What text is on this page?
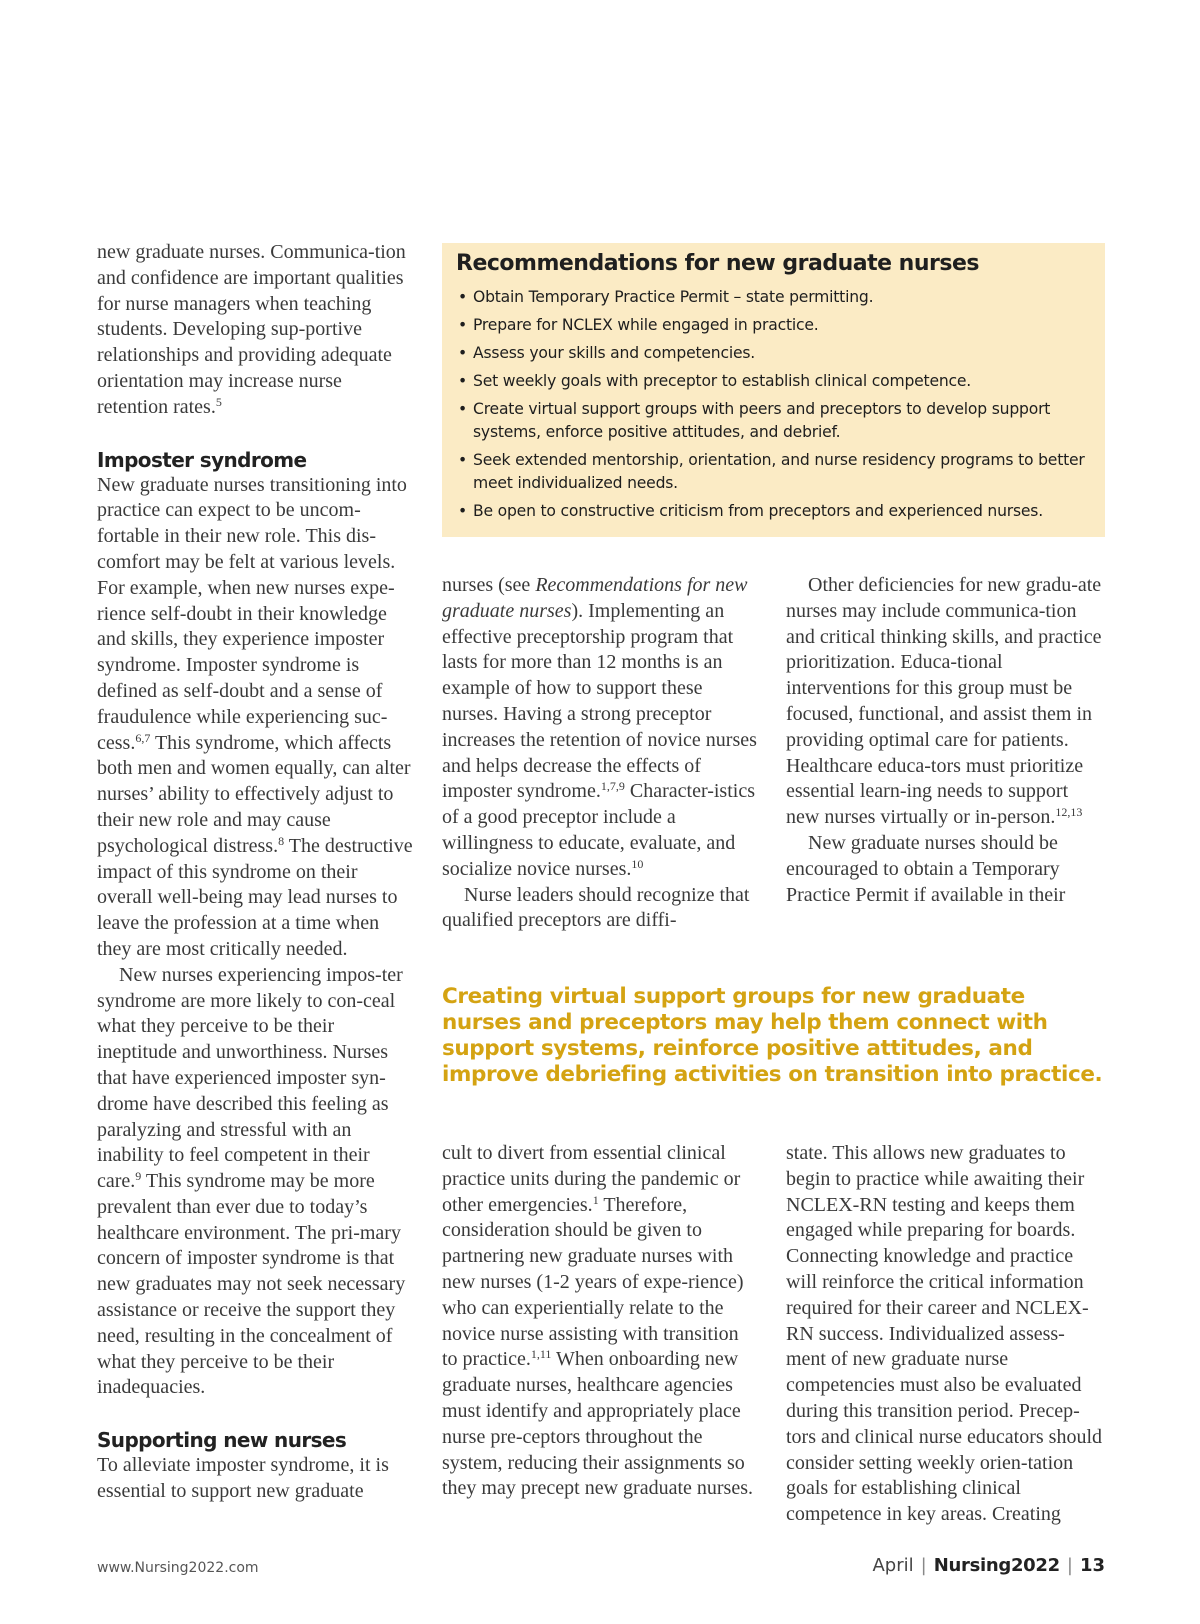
new graduate nurses. Communica-tion and confidence are important qualities for nurse managers when teaching students. Developing sup-portive relationships and providing adequate orientation may increase nurse retention rates.$^5$

Imposter syndrome

New graduate nurses transitioning into practice can expect to be uncom-fortable in their new role. This dis-comfort may be felt at various levels. For example, when new nurses expe-rience self-doubt in their knowledge and skills, they experience imposter syndrome. Imposter syndrome is defined as self-doubt and a sense of fraudulence while experiencing suc-cess.$^{6,7}$ This syndrome, which affects both men and women equally, can alter nurses’ ability to effectively adjust to their new role and may cause psychological distress.$^8$ The destructive impact of this syndrome on their overall well-being may lead nurses to leave the profession at a time when they are most critically needed.

New nurses experiencing impos-ter syndrome are more likely to con-ceal what they perceive to be their ineptitude and unworthiness. Nurses that have experienced imposter syn-drome have described this feeling as paralyzing and stressful with an inability to feel competent in their care.$^9$ This syndrome may be more prevalent than ever due to today’s healthcare environment. The pri-mary concern of imposter syndrome is that new graduates may not seek necessary assistance or receive the support they need, resulting in the concealment of what they perceive to be their inadequacies.

Supporting new nurses

To alleviate imposter syndrome, it is essential to support new graduate

Recommendations for new graduate nurses
• Obtain Temporary Practice Permit – state permitting.
• Prepare for NCLEX while engaged in practice.
• Assess your skills and competencies.
• Set weekly goals with preceptor to establish clinical competence.
• Create virtual support groups with peers and preceptors to develop support systems, enforce positive attitudes, and debrief.
• Seek extended mentorship, orientation, and nurse residency programs to better meet individualized needs.
• Be open to constructive criticism from preceptors and experienced nurses.

nurses (see Recommendations for new graduate nurses). Implementing an effective preceptorship program that lasts for more than 12 months is an example of how to support these nurses. Having a strong preceptor increases the retention of novice nurses and helps decrease the effects of imposter syndrome.$^{1,7,9}$ Character-istics of a good preceptor include a willingness to educate, evaluate, and socialize novice nurses.$^{10}$

Nurse leaders should recognize that qualified preceptors are diffi-

Other deficiencies for new gradu-ate nurses may include communica-tion and critical thinking skills, and practice prioritization. Educa-tional interventions for this group must be focused, functional, and assist them in providing optimal care for patients. Healthcare educa-tors must prioritize essential learn-ing needs to support new nurses virtually or in-person.$^{12,13}$

New graduate nurses should be encouraged to obtain a Temporary Practice Permit if available in their

Creating virtual support groups for new graduate nurses and preceptors may help them connect with support systems, reinforce positive attitudes, and improve debriefing activities on transition into practice.

cult to divert from essential clinical practice units during the pandemic or other emergencies.$^1$ Therefore, consideration should be given to partnering new graduate nurses with new nurses (1-2 years of expe-rience) who can experientially relate to the novice nurse assisting with transition to practice.$^{1,11}$ When onboarding new graduate nurses, healthcare agencies must identify and appropriately place nurse pre-ceptors throughout the system, reducing their assignments so they may precept new graduate nurses.

state. This allows new graduates to begin to practice while awaiting their NCLEX-RN testing and keeps them engaged while preparing for boards. Connecting knowledge and practice will reinforce the critical information required for their career and NCLEX-RN success. Individualized assess-ment of new graduate nurse competencies must also be evaluated during this transition period. Precep-tors and clinical nurse educators should consider setting weekly orien-tation goals for establishing clinical competence in key areas. Creating

www.Nursing2022.com	April | Nursing2022 | 13
